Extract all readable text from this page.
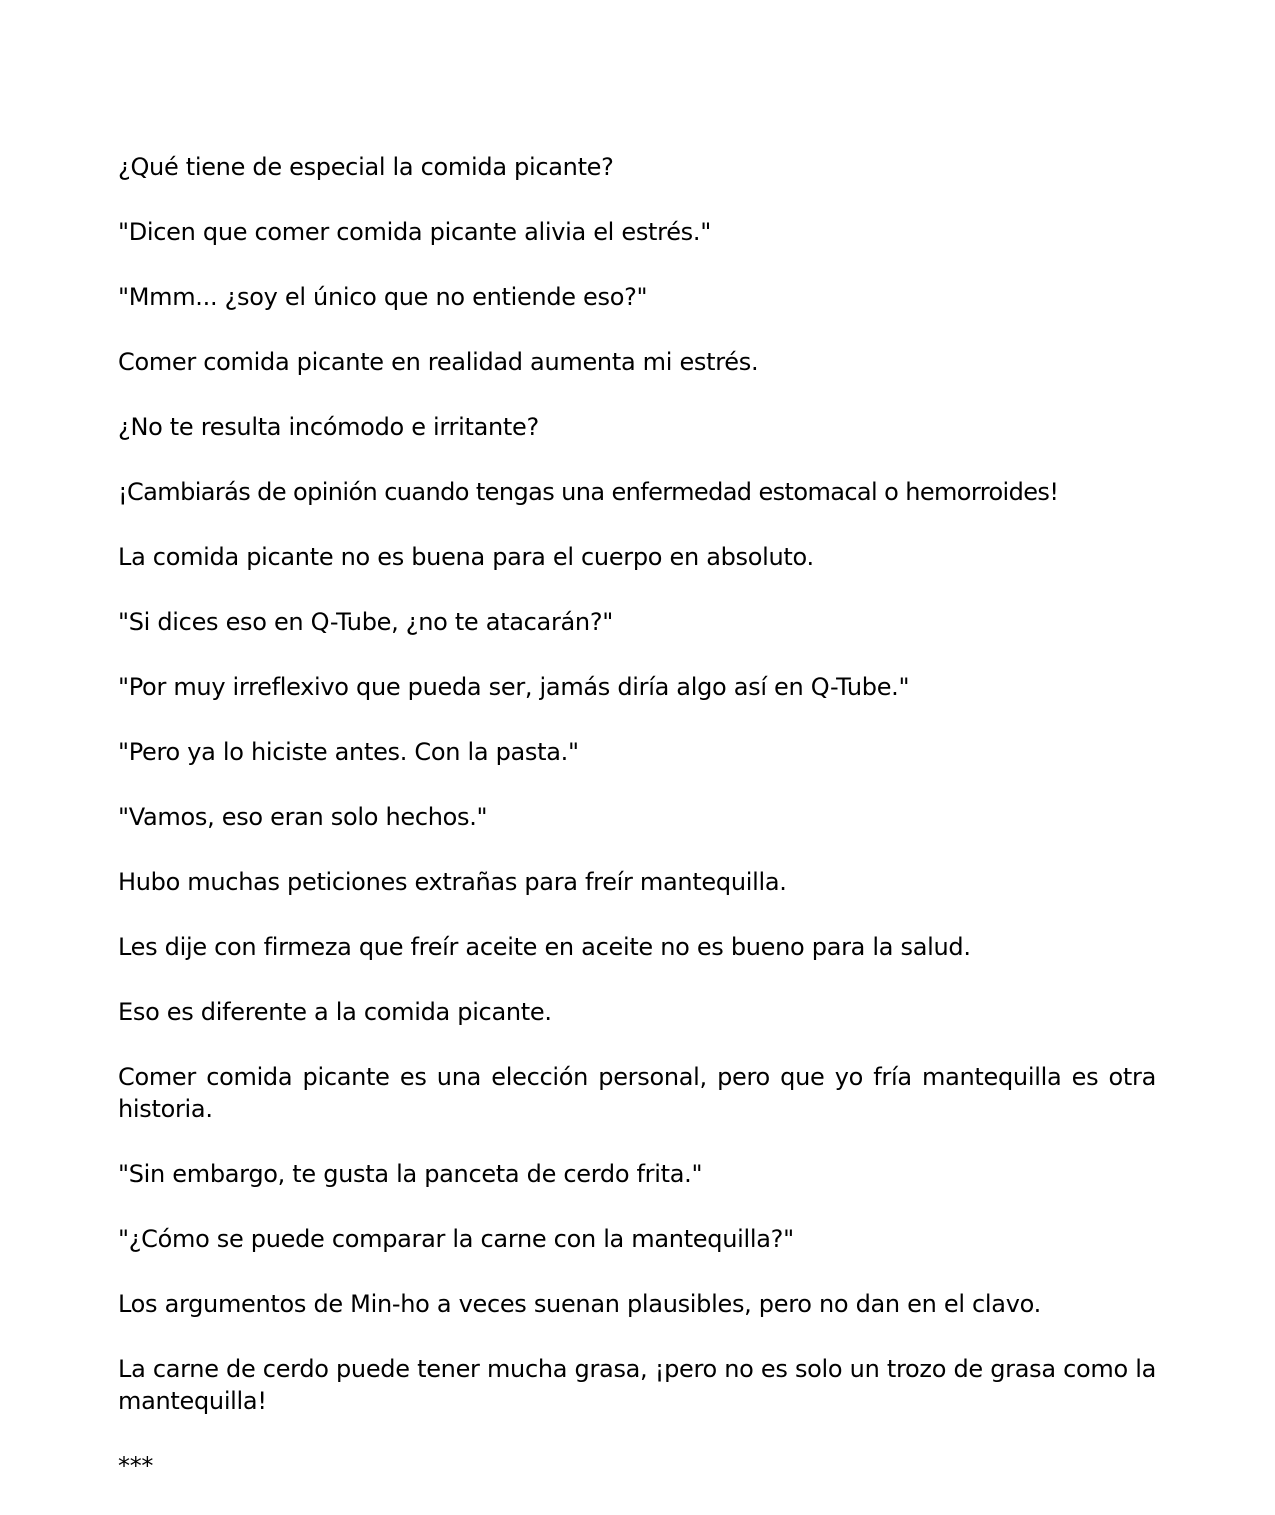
¿Qué tiene de especial la comida picante?

"Dicen que comer comida picante alivia el estrés."

"Mmm... ¿soy el único que no entiende eso?"

Comer comida picante en realidad aumenta mi estrés.

¿No te resulta incómodo e irritante?

¡Cambiarás de opinión cuando tengas una enfermedad estomacal o hemorroides!

La comida picante no es buena para el cuerpo en absoluto.

"Si dices eso en Q-Tube, ¿no te atacarán?"

"Por muy irreflexivo que pueda ser, jamás diría algo así en Q-Tube."

"Pero ya lo hiciste antes. Con la pasta."

"Vamos, eso eran solo hechos."

Hubo muchas peticiones extrañas para freír mantequilla.

Les dije con firmeza que freír aceite en aceite no es bueno para la salud.

Eso es diferente a la comida picante.

Comer comida picante es una elección personal, pero que yo fría mantequilla es otra historia.

"Sin embargo, te gusta la panceta de cerdo frita."

"¿Cómo se puede comparar la carne con la mantequilla?"

Los argumentos de Min-ho a veces suenan plausibles, pero no dan en el clavo.

La carne de cerdo puede tener mucha grasa, ¡pero no es solo un trozo de grasa como la mantequilla!

***
